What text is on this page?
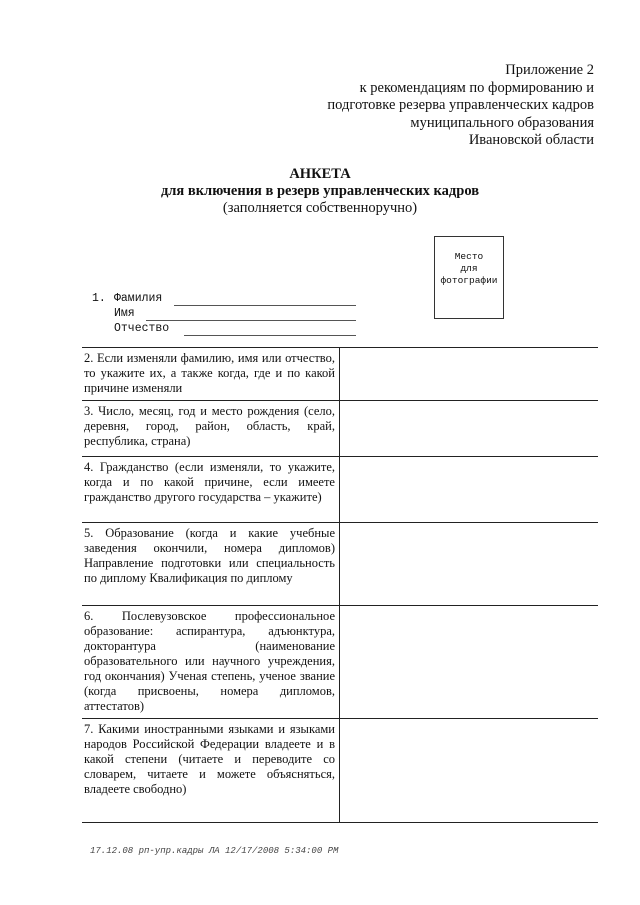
Приложение 2
к рекомендациям по формированию и
подготовке резерва управленческих кадров
муниципального образования
Ивановской области
АНКЕТА
для включения в резерв управленческих кадров
(заполняется собственноручно)
Место
для
фотографии
1. Фамилия
Имя
Отчество
2. Если изменяли фамилию, имя или отчество, то укажите их, а также когда, где и по какой причине изменяли	
3. Число, месяц, год и место рождения (село, деревня, город, район, область, край, республика, страна)	
4. Гражданство (если изменяли, то укажите, когда и по какой причине, если имеете гражданство другого государства – укажите)	
5. Образование (когда и какие учебные заведения окончили, номера дипломов) Направление подготовки или специальность по диплому Квалификация по диплому	
6. Послевузовское профессиональное образование: аспирантура, адъюнктура, докторантура (наименование образовательного или научного учреждения, год окончания) Ученая степень, ученое звание (когда присвоены, номера дипломов, аттестатов)	
7. Какими иностранными языками и языками народов Российской Федерации владеете и в какой степени (читаете и переводите со словарем, читаете и можете объясняться, владеете свободно)	
17.12.08 рп-упр.кадры ЛА 12/17/2008 5:34:00 PM
